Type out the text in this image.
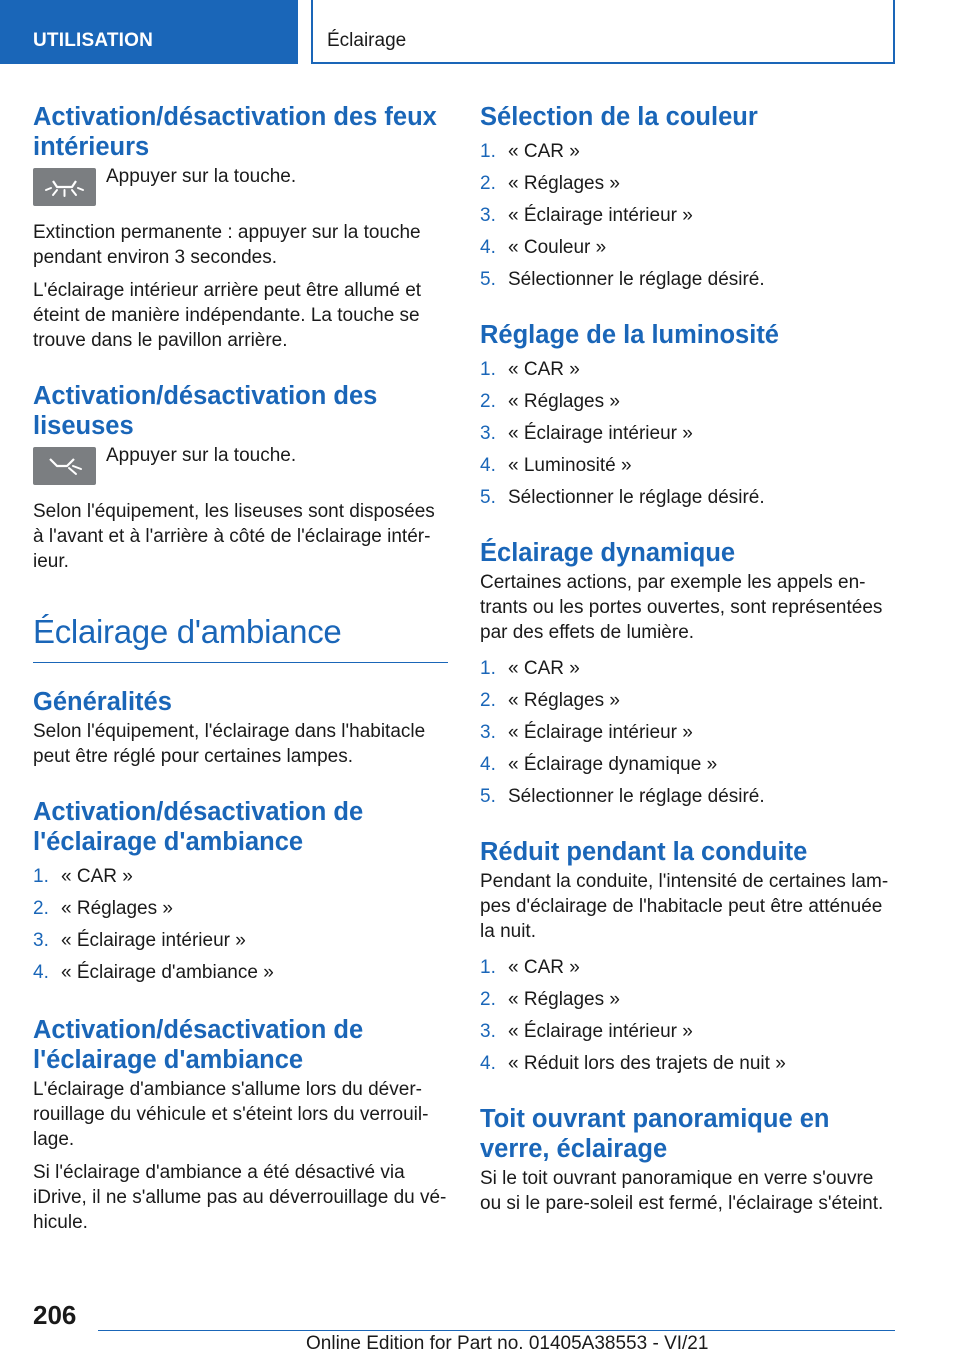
UTILISATION	Éclairage
Activation/désactivation des feux intérieurs
Appuyer sur la touche.

Extinction permanente : appuyer sur la touche pendant environ 3 secondes.

L'éclairage intérieur arrière peut être allumé et éteint de manière indépendante. La touche se trouve dans le pavillon arrière.

Activation/désactivation des liseuses
Appuyer sur la touche.

Selon l'équipement, les liseuses sont disposées à l'avant et à l'arrière à côté de l'éclairage intér-ieur.

Éclairage d'ambiance
Généralités

Selon l'équipement, l'éclairage dans l'habitacle peut être réglé pour certaines lampes.

Activation/désactivation de l'éclairage d'ambiance
1. « CAR »
2. « Réglages »
3. « Éclairage intérieur »
4. « Éclairage d'ambiance »
Activation/désactivation de l'éclairage d'ambiance

L'éclairage d'ambiance s'allume lors du déver-rouillage du véhicule et s'éteint lors du verrouil-lage.

Si l'éclairage d'ambiance a été désactivé via iDrive, il ne s'allume pas au déverrouillage du vé-hicule.

Sélection de la couleur
1. « CAR »
2. « Réglages »
3. « Éclairage intérieur »
4. « Couleur »
5. Sélectionner le réglage désiré.
Réglage de la luminosité
1. « CAR »
2. « Réglages »
3. « Éclairage intérieur »
4. « Luminosité »
5. Sélectionner le réglage désiré.
Éclairage dynamique

Certaines actions, par exemple les appels en-trants ou les portes ouvertes, sont représentées par des effets de lumière.

1. « CAR »
2. « Réglages »
3. « Éclairage intérieur »
4. « Éclairage dynamique »
5. Sélectionner le réglage désiré.
Réduit pendant la conduite

Pendant la conduite, l'intensité de certaines lam-pes d'éclairage de l'habitacle peut être atténuée la nuit.

1. « CAR »
2. « Réglages »
3. « Éclairage intérieur »
4. « Réduit lors des trajets de nuit »
Toit ouvrant panoramique en verre, éclairage

Si le toit ouvrant panoramique en verre s'ouvre ou si le pare-soleil est fermé, l'éclairage s'éteint.

206
Online Edition for Part no. 01405A38553 - VI/21
